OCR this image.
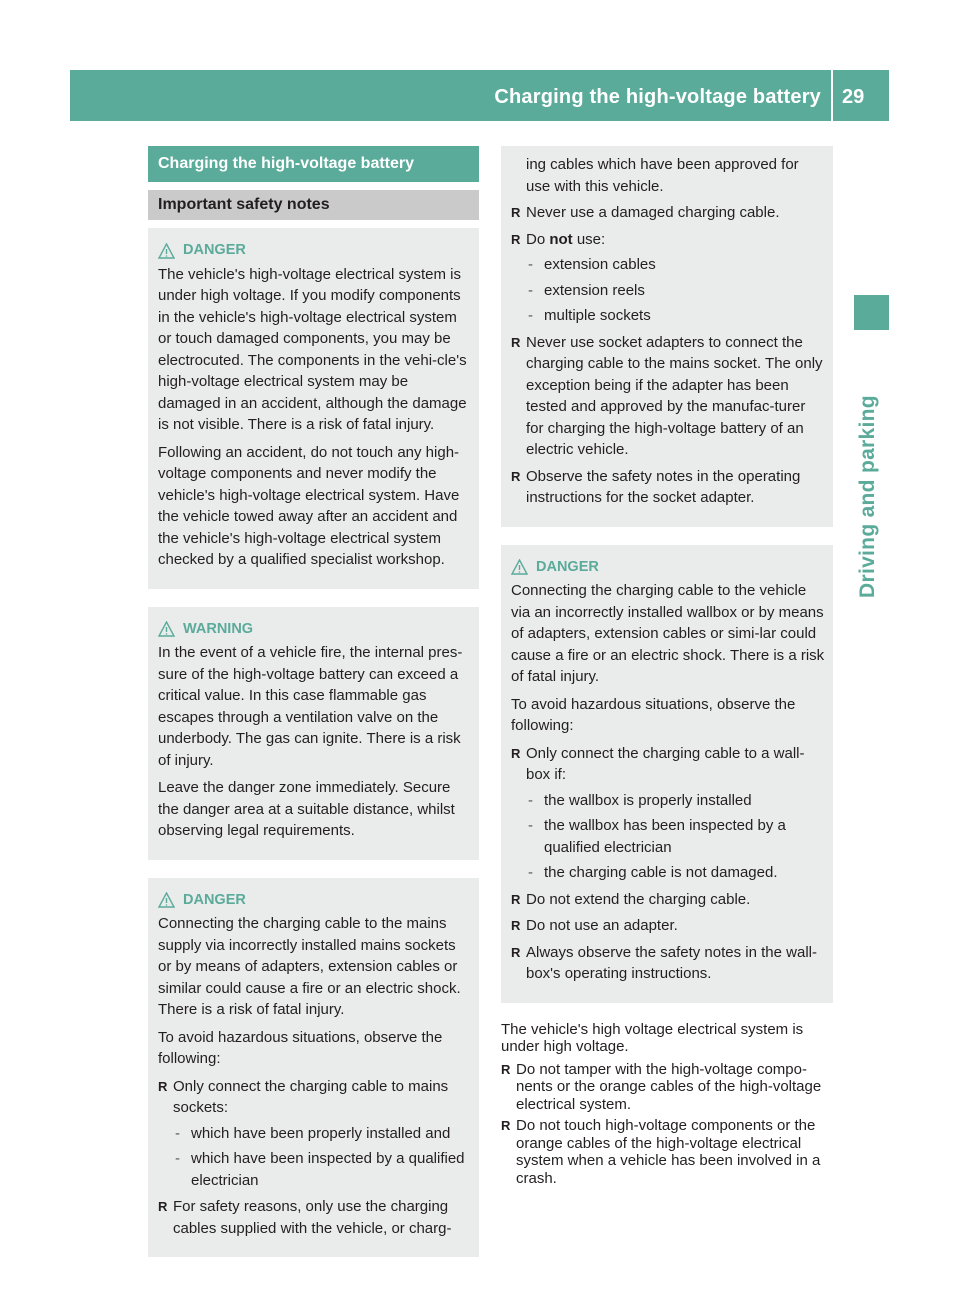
Charging the high-voltage battery 29
Driving and parking
Charging the high-voltage battery
Important safety notes
DANGER

The vehicle's high-voltage electrical system is under high voltage. If you modify components in the vehicle's high-voltage electrical system or touch damaged components, you may be electrocuted. The components in the vehi-cle's high-voltage electrical system may be damaged in an accident, although the damage is not visible. There is a risk of fatal injury.

Following an accident, do not touch any high-voltage components and never modify the vehicle's high-voltage electrical system. Have the vehicle towed away after an accident and the vehicle's high-voltage electrical system checked by a qualified specialist workshop.

WARNING

In the event of a vehicle fire, the internal pres-sure of the high-voltage battery can exceed a critical value. In this case flammable gas escapes through a ventilation valve on the underbody. The gas can ignite. There is a risk of injury.

Leave the danger zone immediately. Secure the danger area at a suitable distance, whilst observing legal requirements.

DANGER

Connecting the charging cable to the mains supply via incorrectly installed mains sockets or by means of adapters, extension cables or similar could cause a fire or an electric shock. There is a risk of fatal injury.

To avoid hazardous situations, observe the following:

R Only connect the charging cable to mains sockets:
- which have been properly installed and
- which have been inspected by a qualified electrician
R For safety reasons, only use the charging cables supplied with the vehicle, or charg-
ing cables which have been approved for use with this vehicle.
R Never use a damaged charging cable.
R Do not use:
- extension cables
- extension reels
- multiple sockets
R Never use socket adapters to connect the charging cable to the mains socket. The only exception being if the adapter has been tested and approved by the manufac-turer for charging the high-voltage battery of an electric vehicle.
R Observe the safety notes in the operating instructions for the socket adapter.
DANGER

Connecting the charging cable to the vehicle via an incorrectly installed wallbox or by means of adapters, extension cables or simi-lar could cause a fire or an electric shock. There is a risk of fatal injury.

To avoid hazardous situations, observe the following:

R Only connect the charging cable to a wall-box if:
- the wallbox is properly installed
- the wallbox has been inspected by a qualified electrician
- the charging cable is not damaged.
R Do not extend the charging cable.
R Do not use an adapter.
R Always observe the safety notes in the wall-box's operating instructions.

The vehicle's high voltage electrical system is under high voltage.

R Do not tamper with the high-voltage compo-nents or the orange cables of the high-voltage electrical system.
R Do not touch high-voltage components or the orange cables of the high-voltage electrical system when a vehicle has been involved in a crash.
